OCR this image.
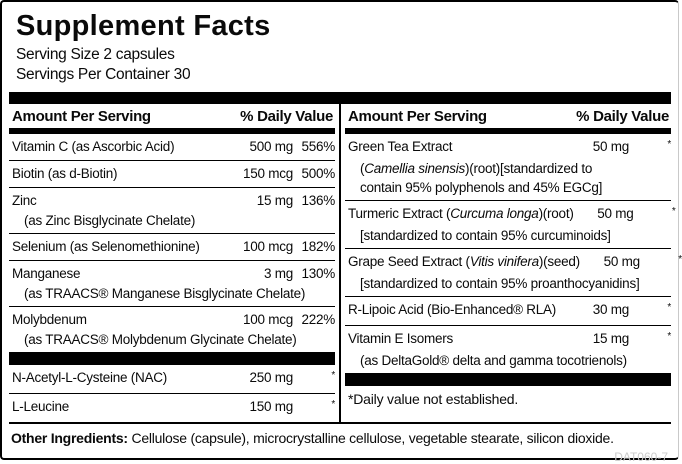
Supplement Facts
Serving Size 2 capsules
Servings Per Container 30
Amount Per Serving	% Daily Value
Vitamin C (as Ascorbic Acid)	500 mg 556%
Biotin (as d-Biotin)	150 mcg 500%
Zinc	15 mg 136%
(as Zinc Bisglycinate Chelate)
Selenium (as Selenomethionine)	100 mcg 182%
Manganese	3 mg 130%
(as TRAACS® Manganese Bisglycinate Chelate)
Molybdenum	100 mcg 222%
(as TRAACS® Molybdenum Glycinate Chelate)
N-Acetyl-L-Cysteine (NAC)	250 mg	*
L-Leucine	150 mg	*
Amount Per Serving	% Daily Value
Green Tea Extract	50 mg	*
(Camellia sinensis)(root)[standardized to
contain 95% polyphenols and 45% EGCg]
Turmeric Extract (Curcuma longa)(root)	50 mg	*
[standardized to contain 95% curcuminoids]
Grape Seed Extract (Vitis vinifera)(seed)	50 mg	*
[standardized to contain 95% proanthocyanidins]
R-Lipoic Acid (Bio-Enhanced® RLA)	30 mg	*
Vitamin E Isomers	15 mg	*
(as DeltaGold® delta and gamma tocotrienols)
*Daily value not established.
Other Ingredients: Cellulose (capsule), microcrystalline cellulose, vegetable stearate, silicon dioxide.
DAT060-7
